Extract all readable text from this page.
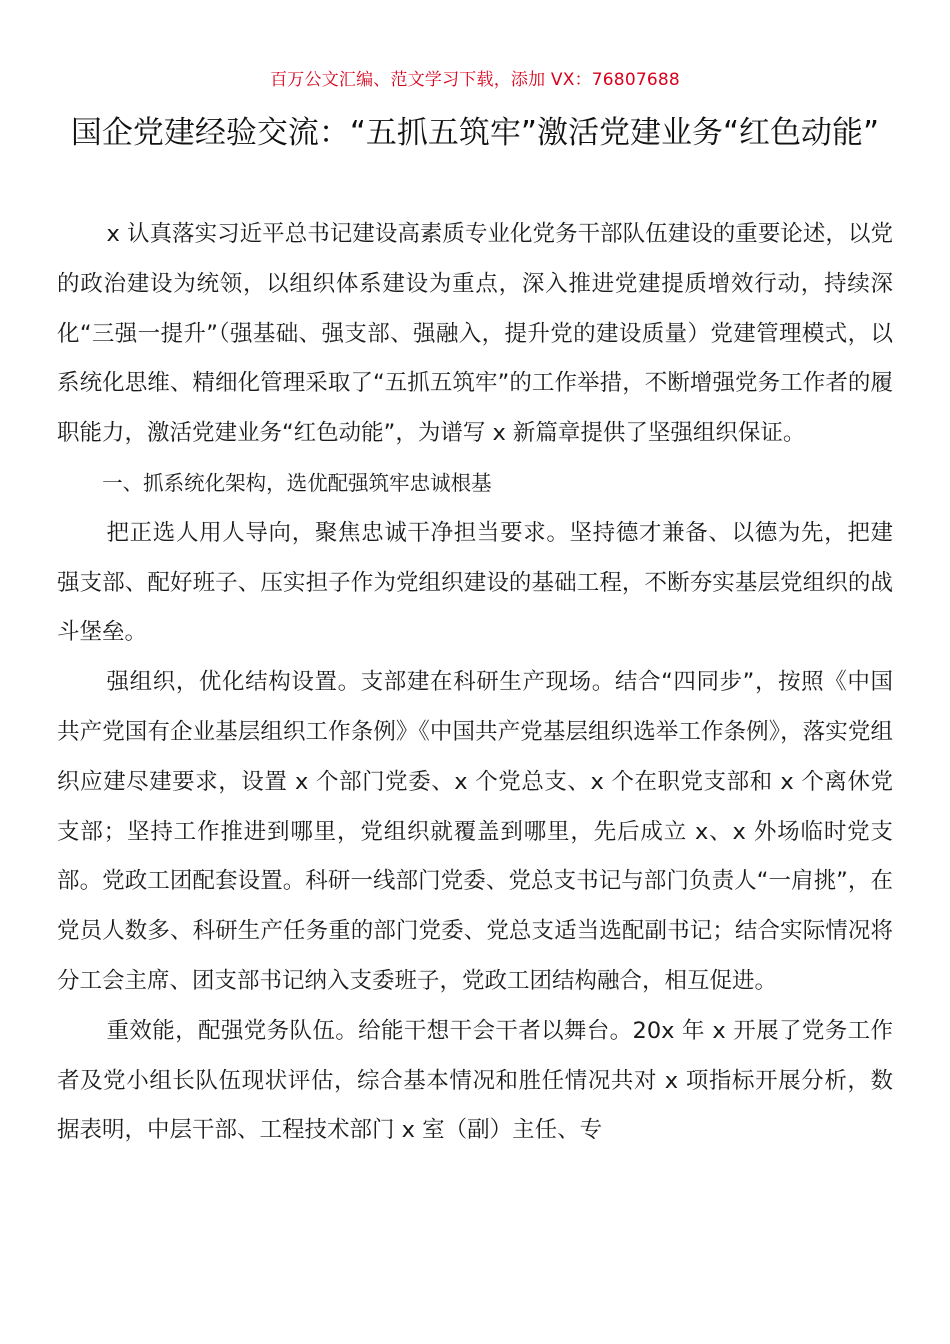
百万公文汇编、范文学习下载，添加 VX：76807688
国企党建经验交流：“五抓五筑牢”激活党建业务“红色动能”

x 认真落实习近平总书记建设高素质专业化党务干部队伍建设的重要论述，以党的政治建设为统领，以组织体系建设为重点，深入推进党建提质增效行动，持续深化“三强一提升”（强基础、强支部、强融入，提升党的建设质量）党建管理模式，以系统化思维、精细化管理采取了“五抓五筑牢”的工作举措，不断增强党务工作者的履职能力，激活党建业务“红色动能”，为谱写 x 新篇章提供了坚强组织保证。

一、抓系统化架构，选优配强筑牢忠诚根基

把正选人用人导向，聚焦忠诚干净担当要求。坚持德才兼备、以德为先，把建强支部、配好班子、压实担子作为党组织建设的基础工程，不断夯实基层党组织的战斗堡垒。

强组织，优化结构设置。支部建在科研生产现场。结合“四同步”，按照《中国共产党国有企业基层组织工作条例》《中国共产党基层组织选举工作条例》，落实党组织应建尽建要求，设置 x 个部门党委、x 个党总支、x 个在职党支部和 x 个离休党支部；坚持工作推进到哪里，党组织就覆盖到哪里，先后成立 x、x 外场临时党支部。党政工团配套设置。科研一线部门党委、党总支书记与部门负责人“一肩挑”，在党员人数多、科研生产任务重的部门党委、党总支适当选配副书记；结合实际情况将分工会主席、团支部书记纳入支委班子，党政工团结构融合，相互促进。

重效能，配强党务队伍。给能干想干会干者以舞台。20x 年 x 开展了党务工作者及党小组长队伍现状评估，综合基本情况和胜任情况共对 x 项指标开展分析，数据表明，中层干部、工程技术部门 x 室（副）主任、专
